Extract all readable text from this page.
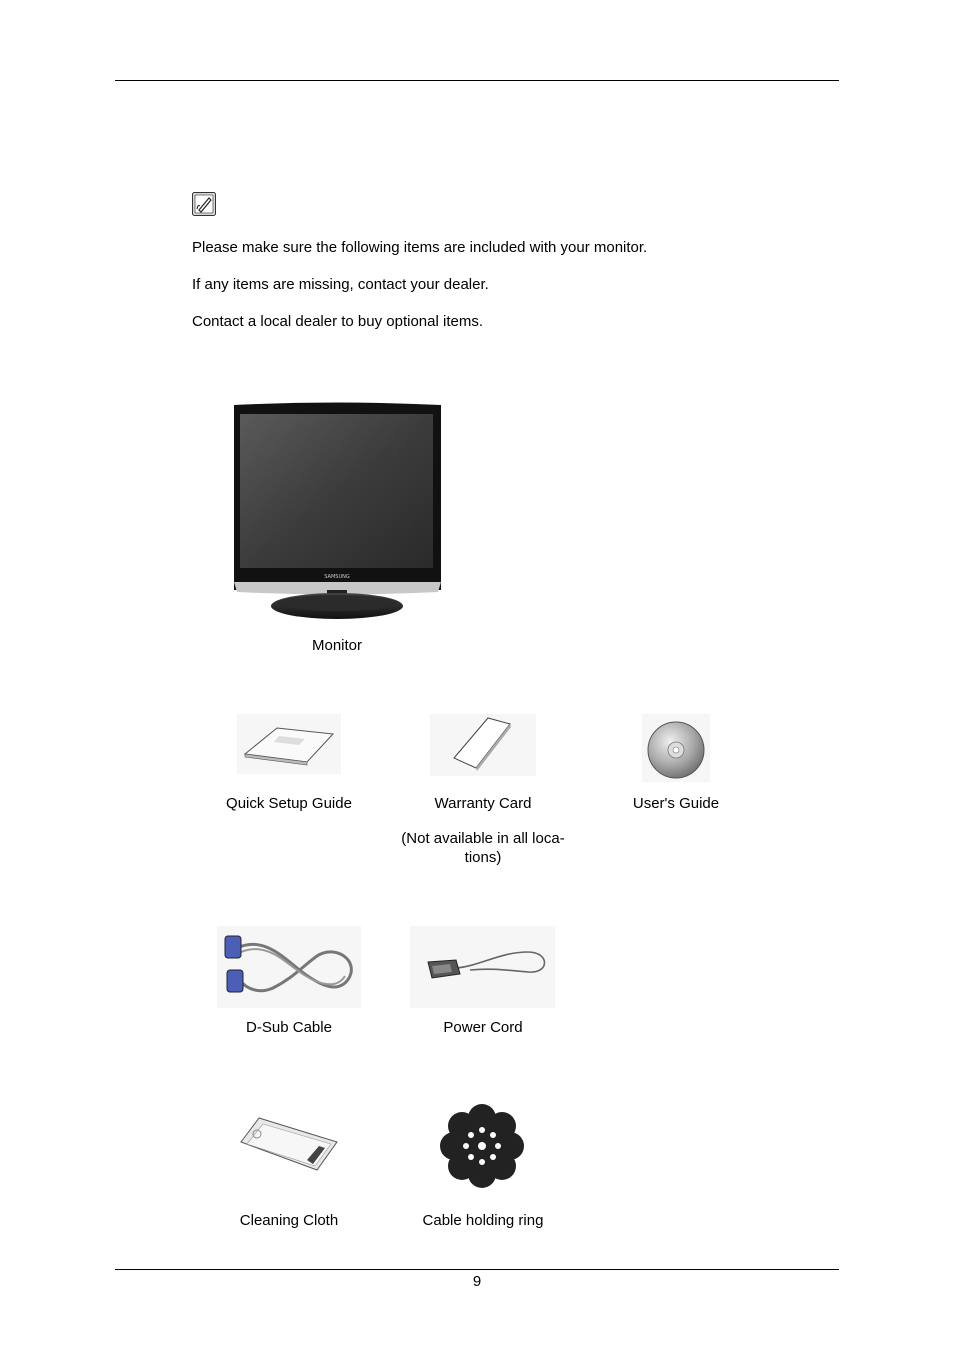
Please make sure the following items are included with your monitor.
If any items are missing, contact your dealer.
Contact a local dealer to buy optional items.
SAMSUNG
Monitor
Quick Setup Guide	Warranty Card
(Not available in all loca-
tions)
User's Guide
D-Sub Cable	Power Cord
Cleaning Cloth	Cable holding ring
9
